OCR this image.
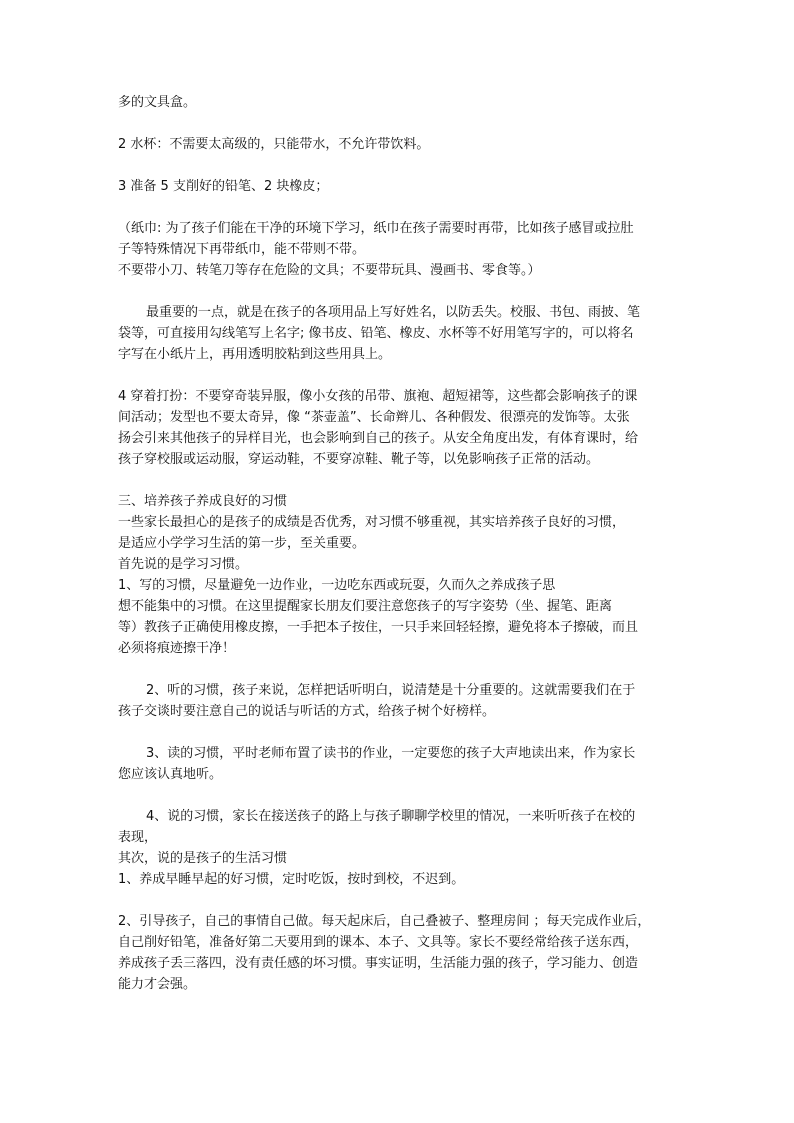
多的文具盒。

2 水杯：不需要太高级的，只能带水，不允许带饮料。

3 准备 5 支削好的铅笔、2 块橡皮；

（纸巾: 为了孩子们能在干净的环境下学习，纸巾在孩子需要时再带，比如孩子感冒或拉肚

子等特殊情况下再带纸巾，能不带则不带。

不要带小刀、转笔刀等存在危险的文具；不要带玩具、漫画书、零食等。）

最重要的一点，就是在孩子的各项用品上写好姓名，以防丢失。校服、书包、雨披、笔

袋等，可直接用勾线笔写上名字; 像书皮、铅笔、橡皮、水杯等不好用笔写字的，可以将名

字写在小纸片上，再用透明胶粘到这些用具上。

4 穿着打扮：不要穿奇装异服，像小女孩的吊带、旗袍、超短裙等，这些都会影响孩子的课

间活动；发型也不要太奇异，像 “茶壶盖”、长命辫儿、各种假发、很漂亮的发饰等。太张

扬会引来其他孩子的异样目光，也会影响到自己的孩子。从安全角度出发，有体育课时，给

孩子穿校服或运动服，穿运动鞋，不要穿凉鞋、靴子等，以免影响孩子正常的活动。

三、培养孩子养成良好的习惯

一些家长最担心的是孩子的成绩是否优秀，对习惯不够重视，其实培养孩子良好的习惯，

是适应小学学习生活的第一步，至关重要。

首先说的是学习习惯。

1、写的习惯，尽量避免一边作业，一边吃东西或玩耍，久而久之养成孩子思

想不能集中的习惯。在这里提醒家长朋友们要注意您孩子的写字姿势（坐、握笔、距离

等）教孩子正确使用橡皮擦，一手把本子按住，一只手来回轻轻擦，避免将本子擦破，而且

必须将痕迹擦干净！

2、听的习惯，孩子来说，怎样把话听明白，说清楚是十分重要的。这就需要我们在于

孩子交谈时要注意自己的说话与听话的方式，给孩子树个好榜样。

3、读的习惯，平时老师布置了读书的作业，一定要您的孩子大声地读出来，作为家长

您应该认真地听。

4、说的习惯，家长在接送孩子的路上与孩子聊聊学校里的情况，一来听听孩子在校的

表现，

其次，说的是孩子的生活习惯

1、养成早睡早起的好习惯，定时吃饭，按时到校，不迟到。

2、引导孩子，自己的事情自己做。每天起床后，自己叠被子、整理房间 ；每天完成作业后，

自己削好铅笔，准备好第二天要用到的课本、本子、文具等。家长不要经常给孩子送东西，

养成孩子丢三落四，没有责任感的坏习惯。事实证明，生活能力强的孩子，学习能力、创造

能力才会强。
